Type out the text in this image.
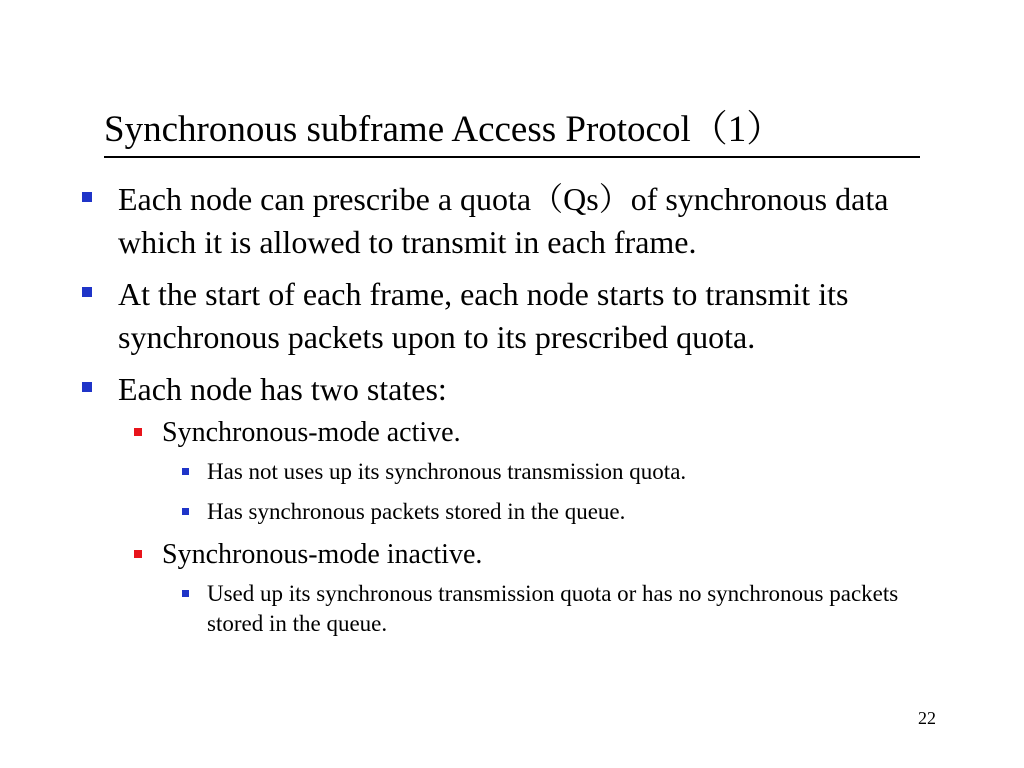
Synchronous subframe Access Protocol（1）
Each node can prescribe a quota（Qs）of synchronous data which it is allowed to transmit in each frame.
At the start of each frame, each node starts to transmit its synchronous packets upon to its prescribed quota.
Each node has two states:
Synchronous-mode active.
Has not uses up its synchronous transmission quota.
Has synchronous packets stored in the queue.
Synchronous-mode inactive.
Used up its synchronous transmission quota or has no synchronous packets stored in the queue.
22
